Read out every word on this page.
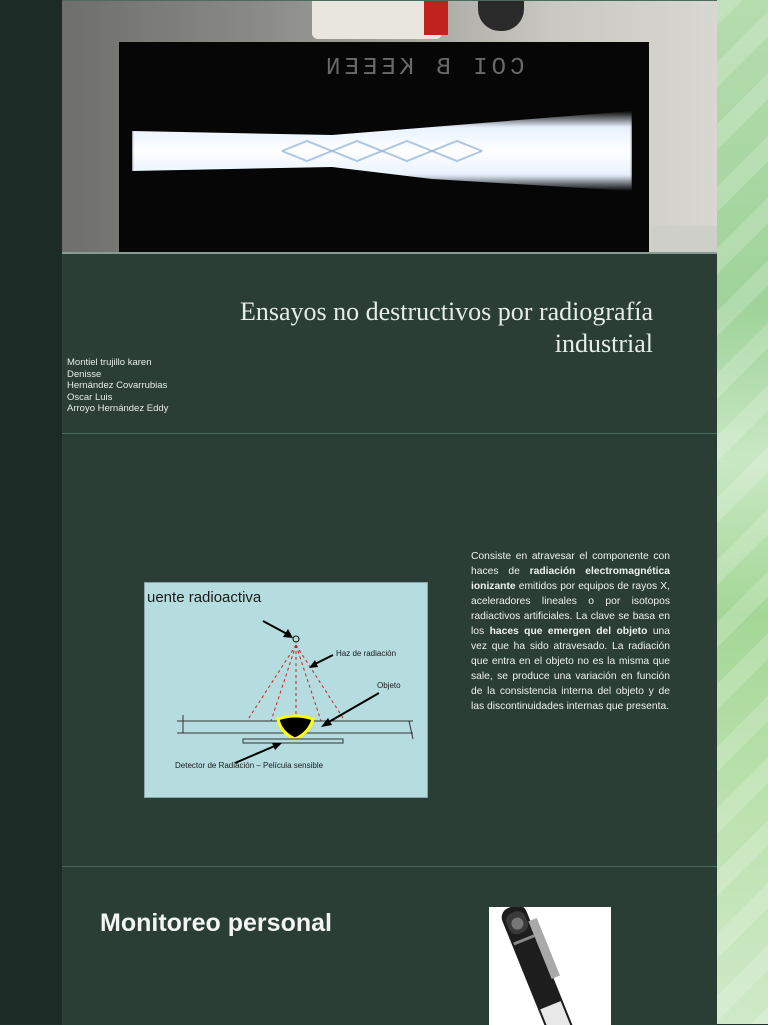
COI B KEEEN
Ensayos no destructivos por radiografía
industrial
Montiel trujillo karen
Denisse
Hernández Covarrubias
Oscar Luis
Arroyo Hernández Eddy
uente radioactiva
Haz de radiación
Objeto
Detector de Radiación – Película sensible
Consiste en atravesar el componente con haces de radiación electromagnética ionizante emitidos por equipos de rayos X, aceleradores lineales o por isotopos radiactivos artificiales. La clave se basa en los haces que emergen del objeto una vez que ha sido atravesado. La radiación que entra en el objeto no es la misma que sale, se produce una variación en función de la consistencia interna del objeto y de las discontinuidades internas que presenta.
Monitoreo personal
